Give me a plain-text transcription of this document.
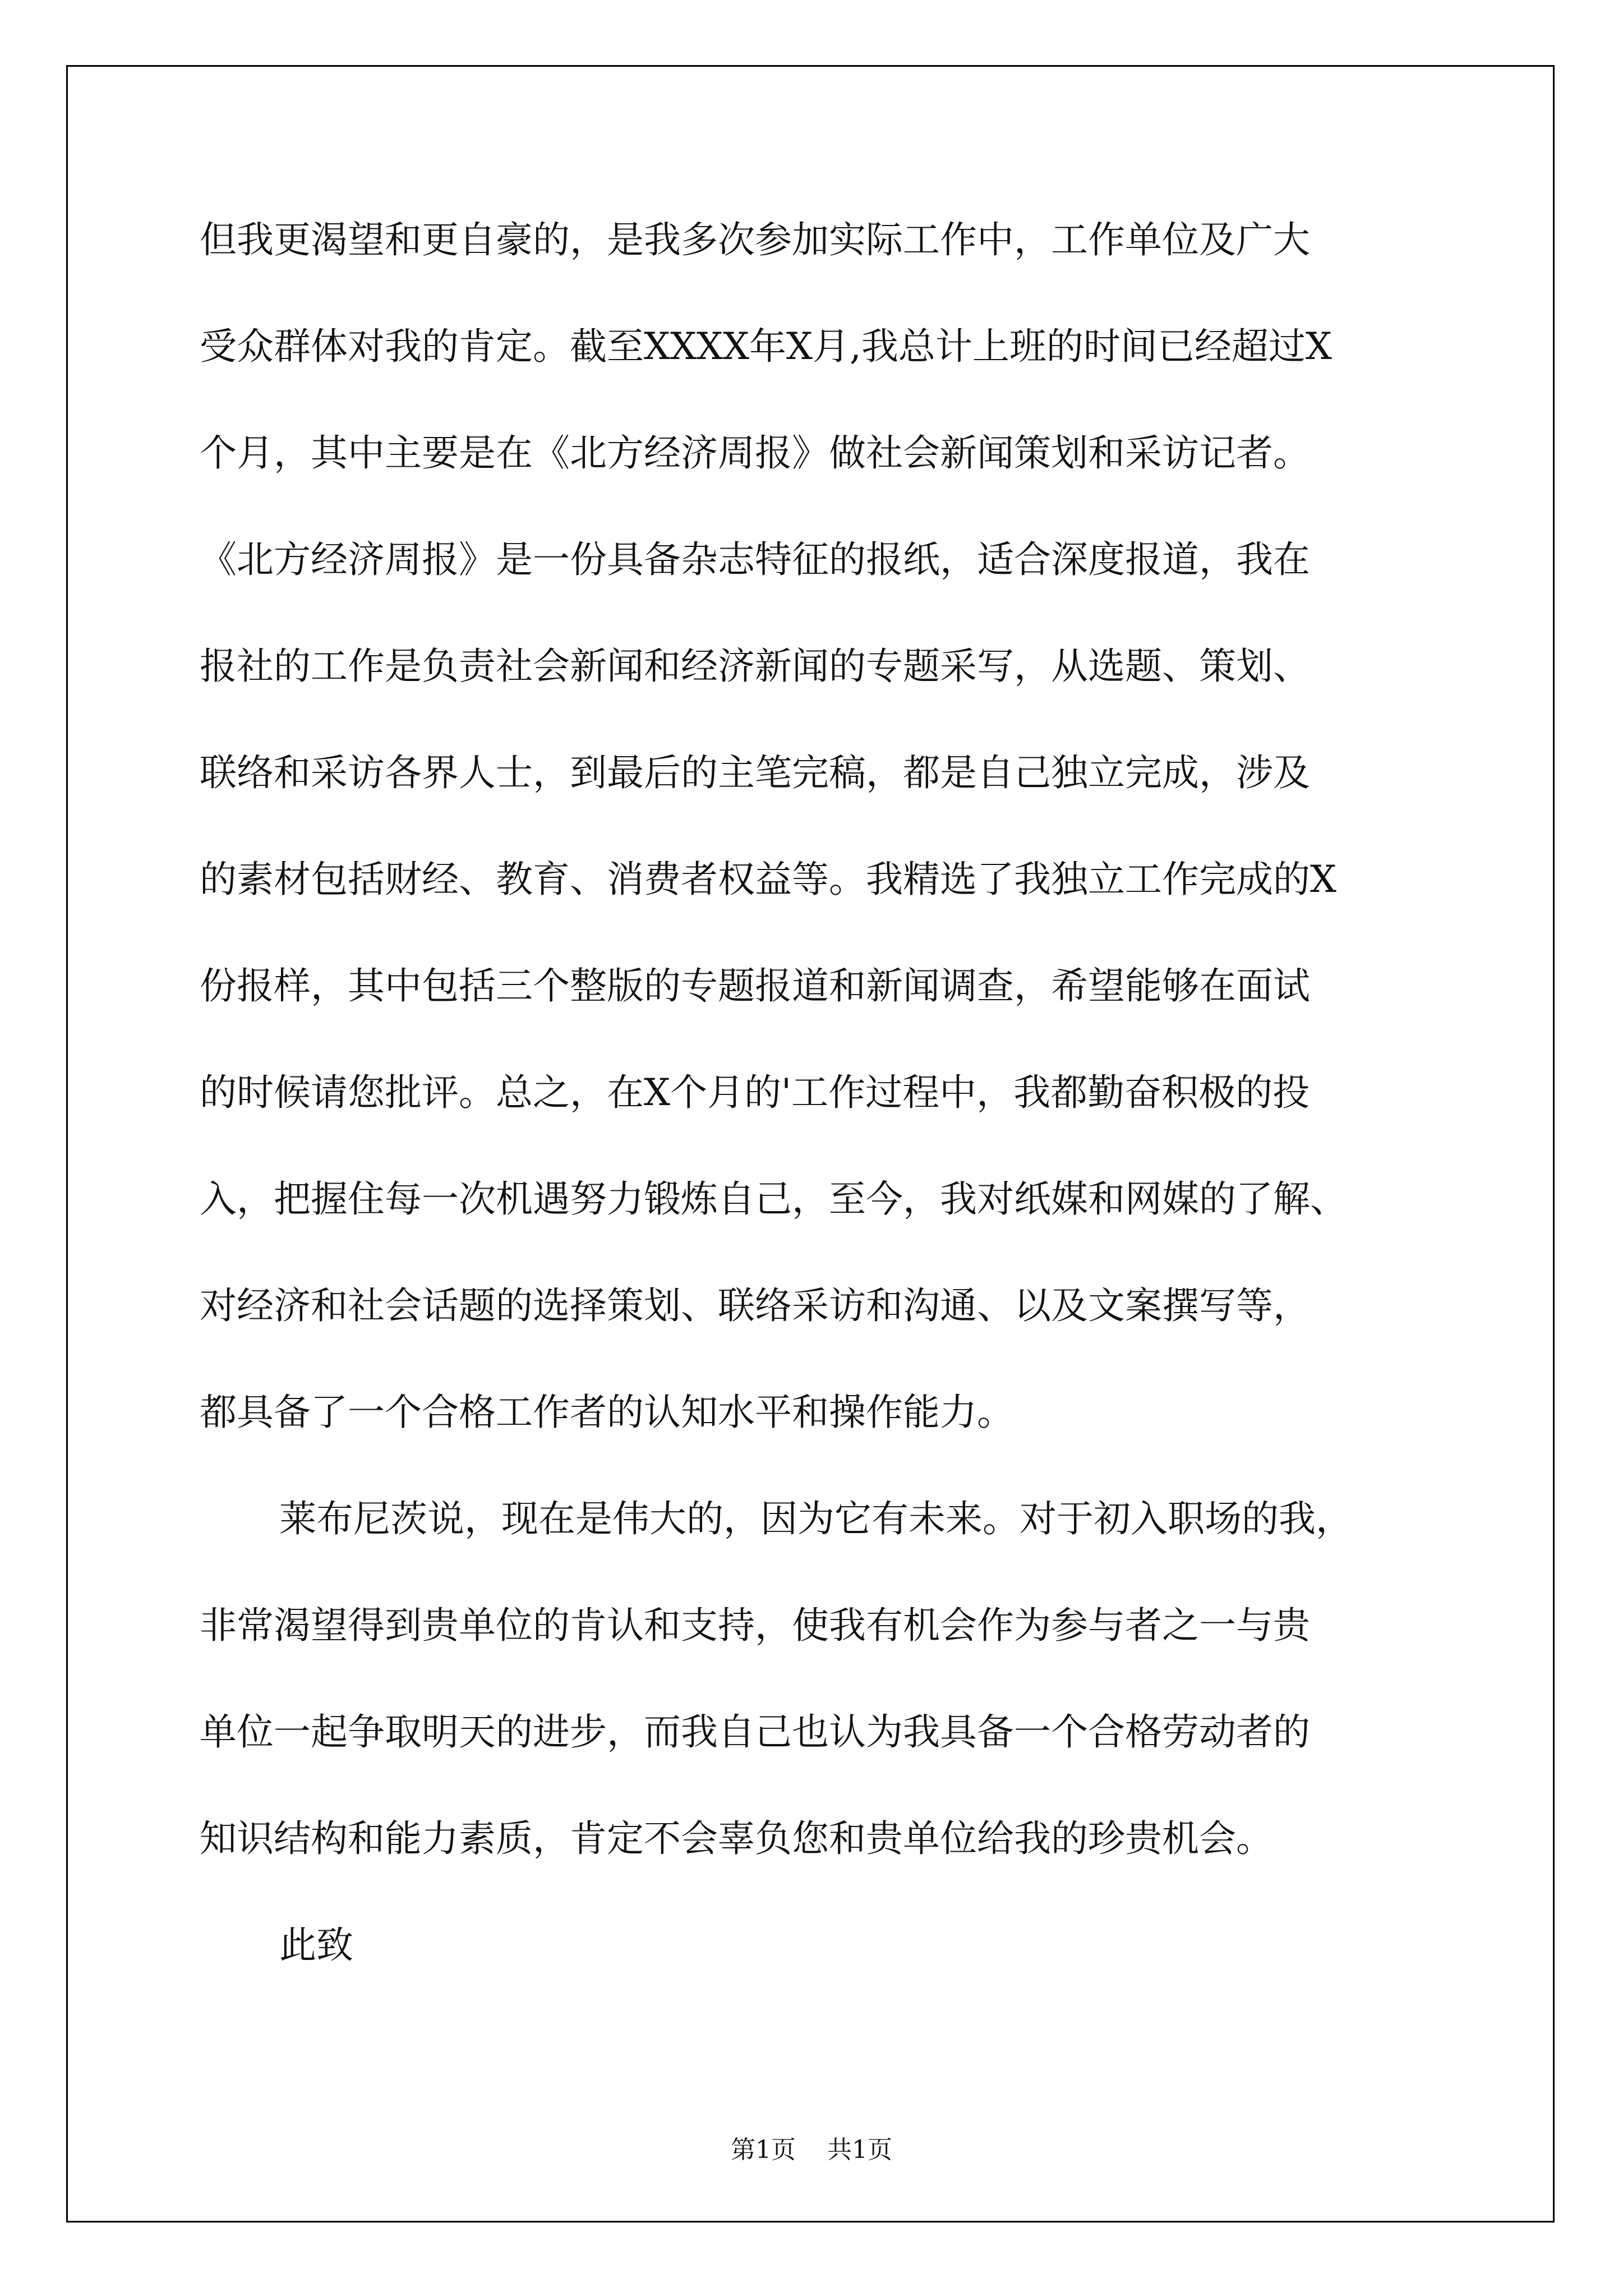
但我更渴望和更自豪的，是我多次参加实际工作中，工作单位及广大
受众群体对我的肯定。截至XXXX年X月,我总计上班的时间已经超过X
个月，其中主要是在《北方经济周报》做社会新闻策划和采访记者。
《北方经济周报》是一份具备杂志特征的报纸，适合深度报道，我在
报社的工作是负责社会新闻和经济新闻的专题采写，从选题、策划、
联络和采访各界人士，到最后的主笔完稿，都是自己独立完成，涉及
的素材包括财经、教育、消费者权益等。我精选了我独立工作完成的X
份报样，其中包括三个整版的专题报道和新闻调查，希望能够在面试
的时候请您批评。总之，在X个月的'工作过程中，我都勤奋积极的投
入，把握住每一次机遇努力锻炼自己，至今，我对纸媒和网媒的了解、
对经济和社会话题的选择策划、联络采访和沟通、以及文案撰写等，
都具备了一个合格工作者的认知水平和操作能力。
莱布尼茨说，现在是伟大的，因为它有未来。对于初入职场的我，
非常渴望得到贵单位的肯认和支持，使我有机会作为参与者之一与贵
单位一起争取明天的进步，而我自己也认为我具备一个合格劳动者的
知识结构和能力素质，肯定不会辜负您和贵单位给我的珍贵机会。
此致
第1页 共1页
